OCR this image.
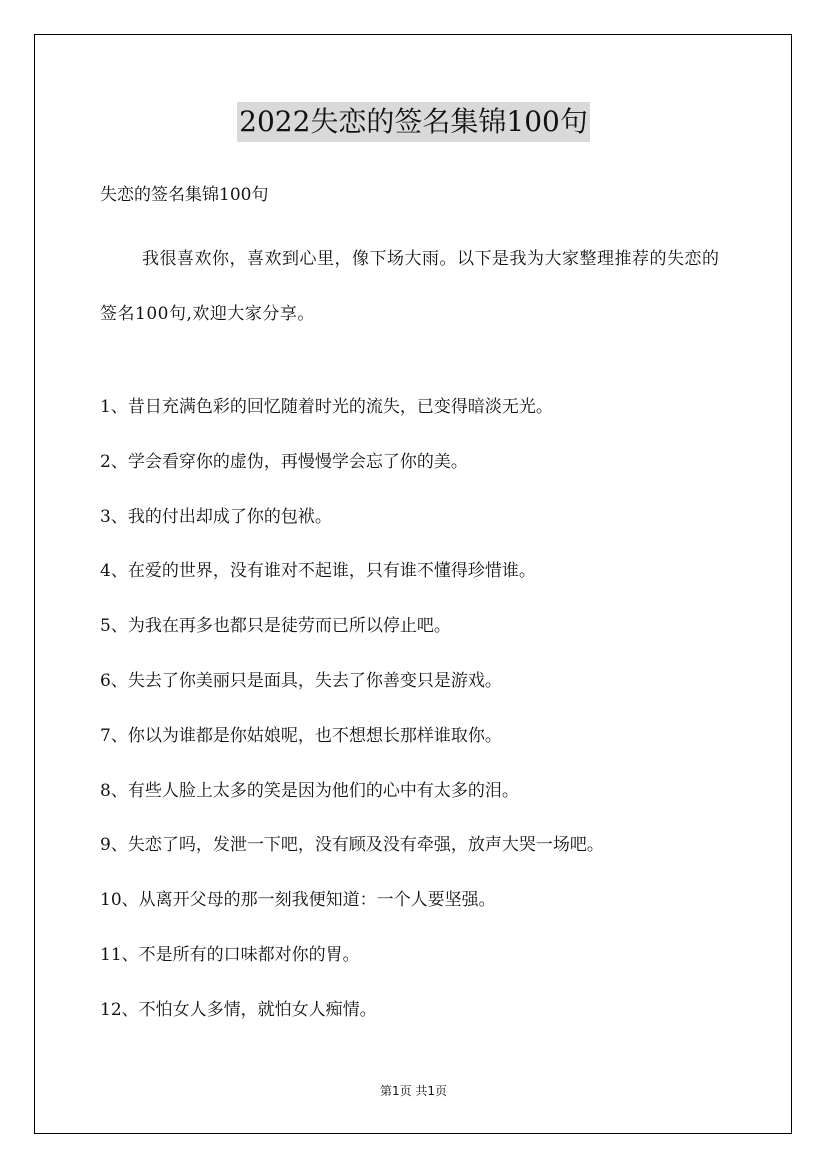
2022失恋的签名集锦100句
失恋的签名集锦100句

我很喜欢你，喜欢到心里，像下场大雨。以下是我为大家整理推荐的失恋的签名100句,欢迎大家分享。

1、昔日充满色彩的回忆随着时光的流失，已变得暗淡无光。
2、学会看穿你的虚伪，再慢慢学会忘了你的美。
3、我的付出却成了你的包袱。
4、在爱的世界，没有谁对不起谁，只有谁不懂得珍惜谁。
5、为我在再多也都只是徒劳而已所以停止吧。
6、失去了你美丽只是面具，失去了你善变只是游戏。
7、你以为谁都是你姑娘呢，也不想想长那样谁取你。
8、有些人脸上太多的笑是因为他们的心中有太多的泪。
9、失恋了吗，发泄一下吧，没有顾及没有牵强，放声大哭一场吧。
10、从离开父母的那一刻我便知道：一个人要坚强。
11、不是所有的口味都对你的胃。
12、不怕女人多情，就怕女人痴情。
第1页 共1页
